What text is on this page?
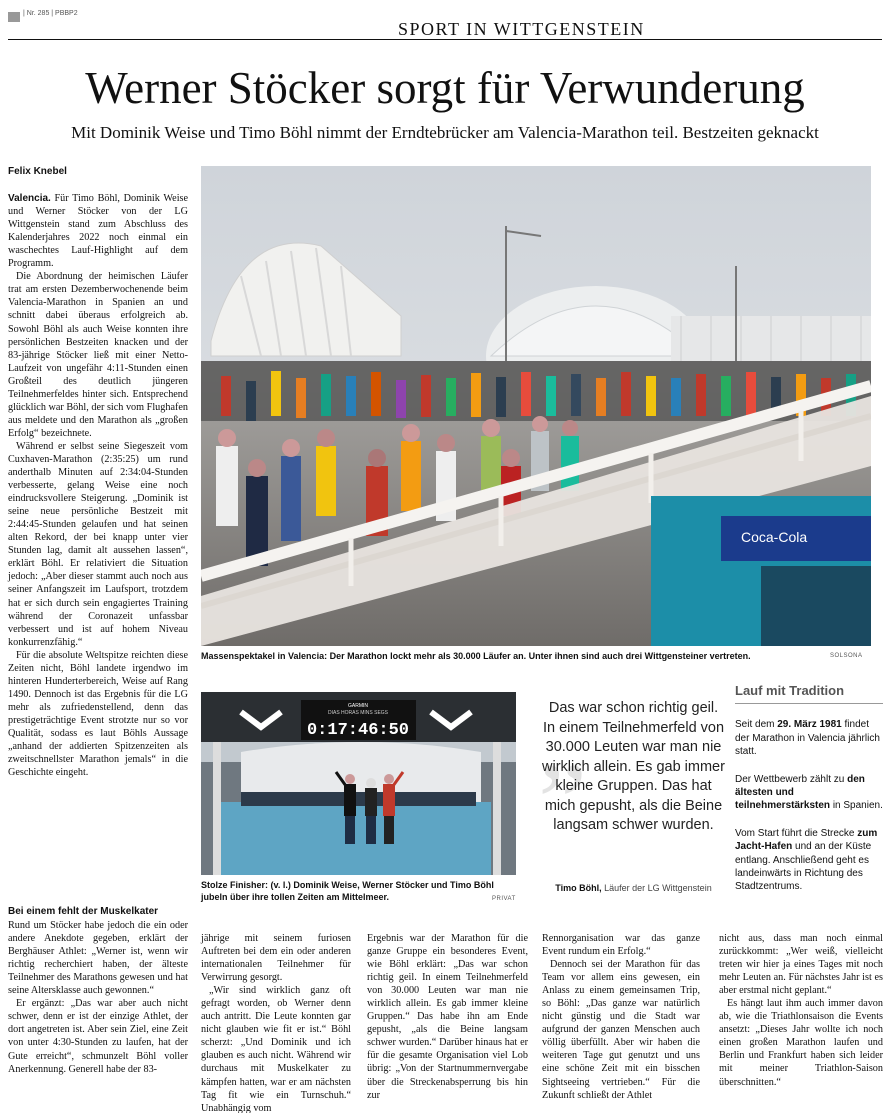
| Nr. 285 | PBBP2
SPORT IN WITTGENSTEIN
Werner Stöcker sorgt für Verwunderung
Mit Dominik Weise und Timo Böhl nimmt der Erndtebrücker am Valencia-Marathon teil. Bestzeiten geknackt
Felix Knebel

Valencia. Für Timo Böhl, Dominik Weise und Werner Stöcker von der LG Wittgenstein stand zum Abschluss des Kalenderjahres 2022 noch einmal ein waschechtes Lauf-Highlight auf dem Programm.

Die Abordnung der heimischen Läufer trat am ersten Dezemberwochenende beim Valencia-Marathon in Spanien an und schnitt dabei überaus erfolgreich ab. Sowohl Böhl als auch Weise konnten ihre persönlichen Bestzeiten knacken und der 83-jährige Stöcker ließ mit einer Netto-Laufzeit von ungefähr 4:11-Stunden einen Großteil des deutlich jüngeren Teilnehmerfeldes hinter sich. Entsprechend glücklich war Böhl, der sich vom Flughafen aus meldete und den Marathon als „großen Erfolg“ bezeichnete.

Während er selbst seine Siegeszeit vom Cuxhaven-Marathon (2:35:25) um rund anderthalb Minuten auf 2:34:04-Stunden verbesserte, gelang Weise eine noch eindrucksvollere Steigerung. „Dominik ist seine neue persönliche Bestzeit mit 2:44:45-Stunden gelaufen und hat seinen alten Rekord, der bei knapp unter vier Stunden lag, damit alt aussehen lassen“, erklärt Böhl. Er relativiert die Situation jedoch: „Aber dieser stammt auch noch aus seiner Anfangszeit im Laufsport, trotzdem hat er sich durch sein engagiertes Training während der Coronazeit unfassbar verbessert und ist auf hohem Niveau konkurrenzfähig.“

Für die absolute Weltspitze reichten diese Zeiten nicht, Böhl landete irgendwo im hinteren Hunderterbereich, Weise auf Rang 1490. Dennoch ist das Ergebnis für die LG mehr als zufriedenstellend, denn das prestigeträchtige Event strotzte nur so vor Qualität, sodass es laut Böhls Aussage „anhand der addierten Spitzenzeiten als zweitschnellster Marathon jemals“ in die Geschichte eingeht.

Coca-Cola
Massenspektakel in Valencia: Der Marathon lockt mehr als 30.000 Läufer an. Unter ihnen sind auch drei Wittgensteiner vertreten.	SOLSONA
GARMIN
DIAS HORAS MINS SEGS
0:17:46:50
Stolze Finisher: (v. l.) Dominik Weise, Werner Stöcker und Timo Böhl jubeln über ihre tollen Zeiten am Mittelmeer.	PRIVAT
„
Das war schon richtig geil. In einem Teilnehmerfeld von 30.000 Leuten war man nie wirklich allein. Es gab immer kleine Gruppen. Das hat mich gepusht, als die Beine langsam schwer wurden.
Timo Böhl, Läufer der LG Wittgenstein
Lauf mit Tradition

Seit dem 29. März 1981 findet der Marathon in Valencia jährlich statt.

Der Wettbewerb zählt zu den ältesten und teilnehmerstärksten in Spanien.

Vom Start führt die Strecke zum Jacht-Hafen und an der Küste entlang. Anschließend geht es landeinwärts in Richtung des Stadtzentrums.

Bei einem fehlt der Muskelkater

Rund um Stöcker habe jedoch die ein oder andere Anekdote gegeben, erklärt der Berghäuser Athlet: „Werner ist, wenn wir richtig recherchiert haben, der älteste Teilnehmer des Marathons gewesen und hat seine Altersklasse auch gewonnen.“

Er ergänzt: „Das war aber auch nicht schwer, denn er ist der einzige Athlet, der dort angetreten ist. Aber sein Ziel, eine Zeit von unter 4:30-Stunden zu laufen, hat der Gute erreicht“, schmunzelt Böhl voller Anerkennung. Generell habe der 83-

jährige mit seinem furiosen Auftreten bei dem ein oder anderen internationalen Teilnehmer für Verwirrung gesorgt.

„Wir sind wirklich ganz oft gefragt worden, ob Werner denn auch antritt. Die Leute konnten gar nicht glauben wie fit er ist.“ Böhl scherzt: „Und Dominik und ich glauben es auch nicht. Während wir durchaus mit Muskelkater zu kämpfen hatten, war er am nächsten Tag fit wie ein Turnschuh.“ Unabhängig vom

Ergebnis war der Marathon für die ganze Gruppe ein besonderes Event, wie Böhl erklärt: „Das war schon richtig geil. In einem Teilnehmerfeld von 30.000 Leuten war man nie wirklich allein. Es gab immer kleine Gruppen.“ Das habe ihn am Ende gepusht, „als die Beine langsam schwer wurden.“ Darüber hinaus hat er für die gesamte Organisation viel Lob übrig: „Von der Startnummernvergabe über die Streckenabsperrung bis hin zur

Rennorganisation war das ganze Event rundum ein Erfolg.“

Dennoch sei der Marathon für das Team vor allem eins gewesen, ein Anlass zu einem gemeinsamen Trip, so Böhl: „Das ganze war natürlich nicht günstig und die Stadt war aufgrund der ganzen Menschen auch völlig überfüllt. Aber wir haben die weiteren Tage gut genutzt und uns eine schöne Zeit mit ein bisschen Sightseeing vertrieben.“ Für die Zukunft schließt der Athlet

nicht aus, dass man noch einmal zurückkommt: „Wer weiß, vielleicht treten wir hier ja eines Tages mit noch mehr Leuten an. Für nächstes Jahr ist es aber erstmal nicht geplant.“

Es hängt laut ihm auch immer davon ab, wie die Triathlonsaison die Events ansetzt: „Dieses Jahr wollte ich noch einen großen Marathon laufen und Berlin und Frankfurt haben sich leider mit meiner Triathlon-Saison überschnitten.“
